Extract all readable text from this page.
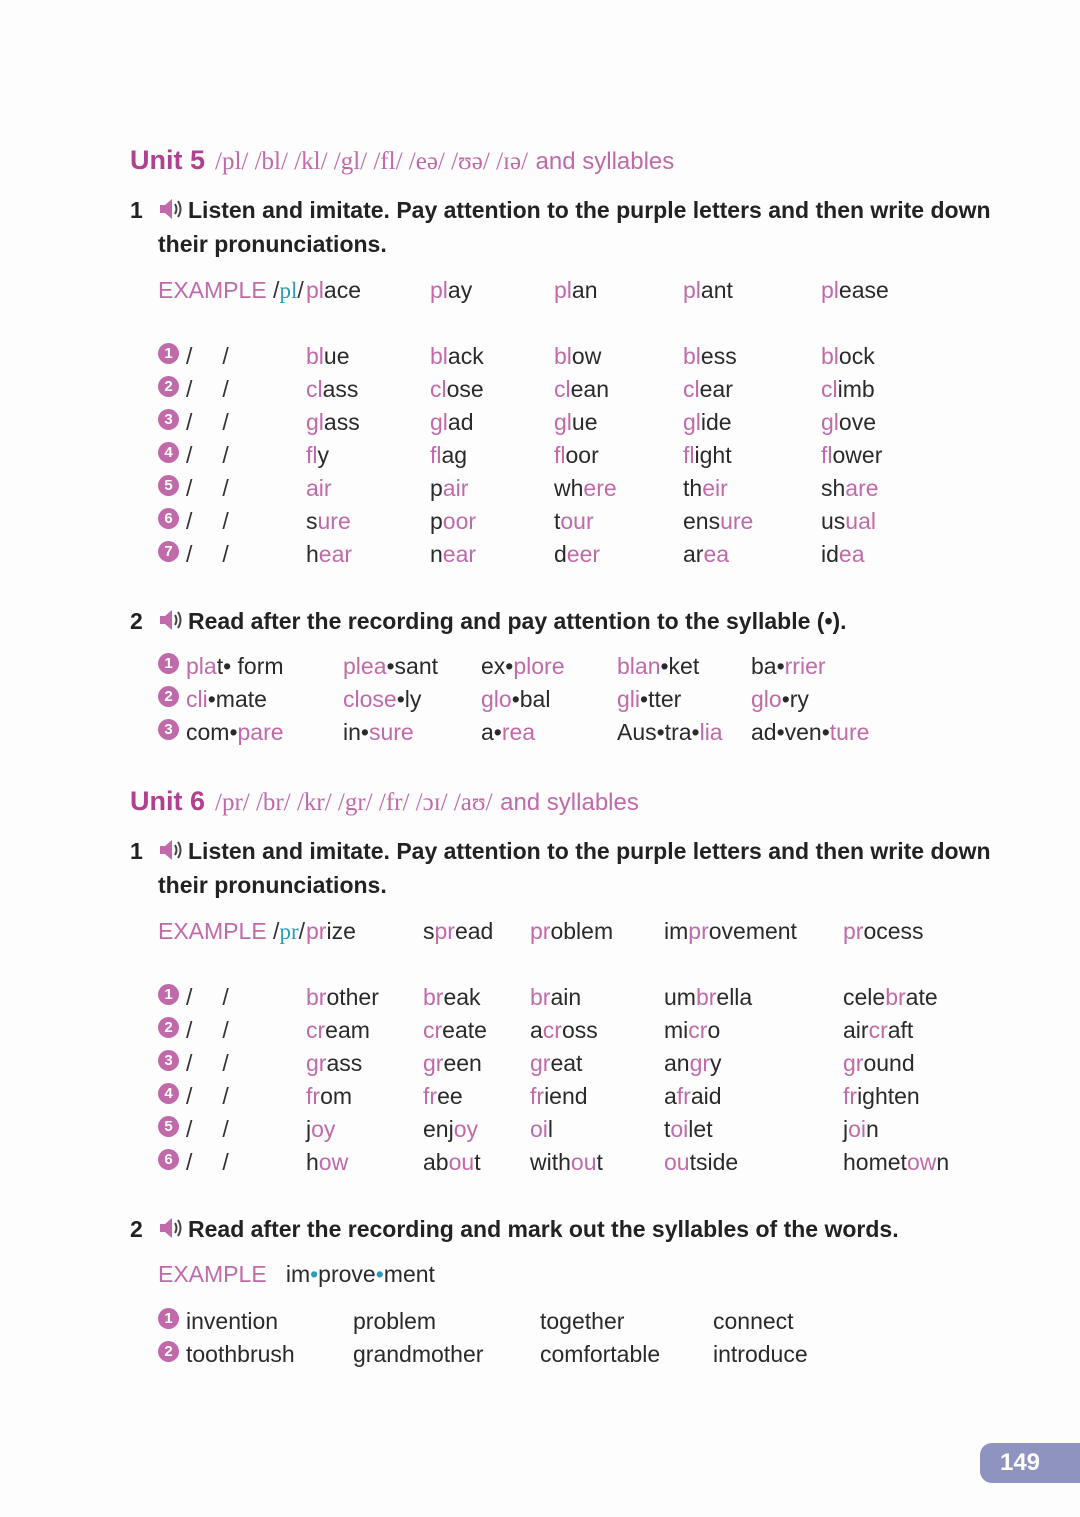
Unit 5 /pl/ /bl/ /kl/ /gl/ /fl/ /eə/ /ʊə/ /ɪə/ and syllables
1 Listen and imitate. Pay attention to the purple letters and then write down
their pronunciations.
EXAMPLE /pl/ place	play	plan	plant	please
1 / /	blue	black	blow	bless	block
2 / /	class	close	clean	clear	climb
3 / /	glass	glad	glue	glide	glove
4 / /	fly	flag	floor	flight	flower
5 / /	air	pair	where	their	share
6 / /	sure	poor	tour	ensure	usual
7 / /	hear	near	deer	area	idea
2 Read after the recording and pay attention to the syllable (•).
1 plat• form	plea•sant ex•plore blan•ket ba•rrier
2 cli•mate	close•ly	glo•bal	gli•tter	glo•ry
3 com•pare	in•sure	a•rea	Aus•tra•lia ad•ven•ture
Unit 6 /pr/ /br/ /kr/ /gr/ /fr/ /ɔɪ/ /aʊ/ and syllables
1 Listen and imitate. Pay attention to the purple letters and then write down
their pronunciations.
EXAMPLE /pr/ prize	spread problem improvement process
1 / /	brother break brain	umbrella	celebrate
2 / /	cream create across	micro	aircraft
3 / /	grass	green great	angry	ground
4 / /	from	free	friend	afraid	frighten
5 / /	joy	enjoy oil	toilet	join
6 / /	how	about without	outside	hometown
2 Read after the recording and mark out the syllables of the words.
EXAMPLE im•prove•ment
1 invention	problem	together	connect
2 toothbrush	grandmother comfortable introduce
149
